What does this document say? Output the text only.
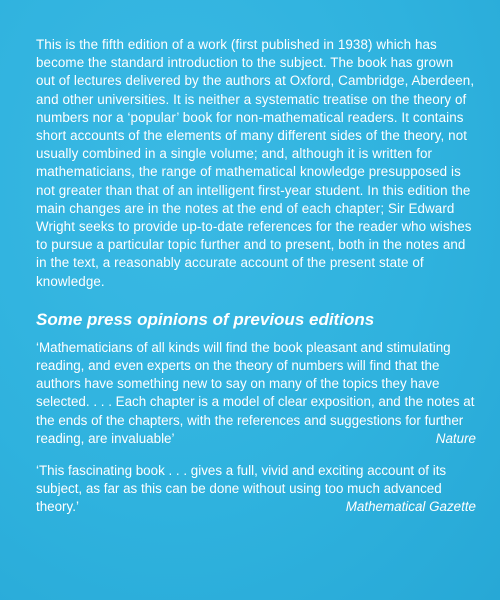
This is the fifth edition of a work (first published in 1938) which has become the standard introduction to the subject. The book has grown out of lectures delivered by the authors at Oxford, Cambridge, Aberdeen, and other universities. It is neither a systematic treatise on the theory of numbers nor a ‘popular’ book for non-mathematical readers. It contains short accounts of the elements of many different sides of the theory, not usually combined in a single volume; and, although it is written for mathematicians, the range of mathematical knowledge presupposed is not greater than that of an intelligent first-year student. In this edition the main changes are in the notes at the end of each chapter; Sir Edward Wright seeks to provide up-to-date references for the reader who wishes to pursue a particular topic further and to present, both in the notes and in the text, a reasonably accurate account of the present state of knowledge.

Some press opinions of previous editions

‘Mathematicians of all kinds will find the book pleasant and stimulating reading, and even experts on the theory of numbers will find that the authors have something new to say on many of the topics they have selected. . . . Each chapter is a model of clear exposition, and the notes at the ends of the chapters, with the references and suggestions for further reading, are invaluable’	Nature

‘This fascinating book . . . gives a full, vivid and exciting account of its subject, as far as this can be done without using too much advanced theory.’	Mathematical Gazette
